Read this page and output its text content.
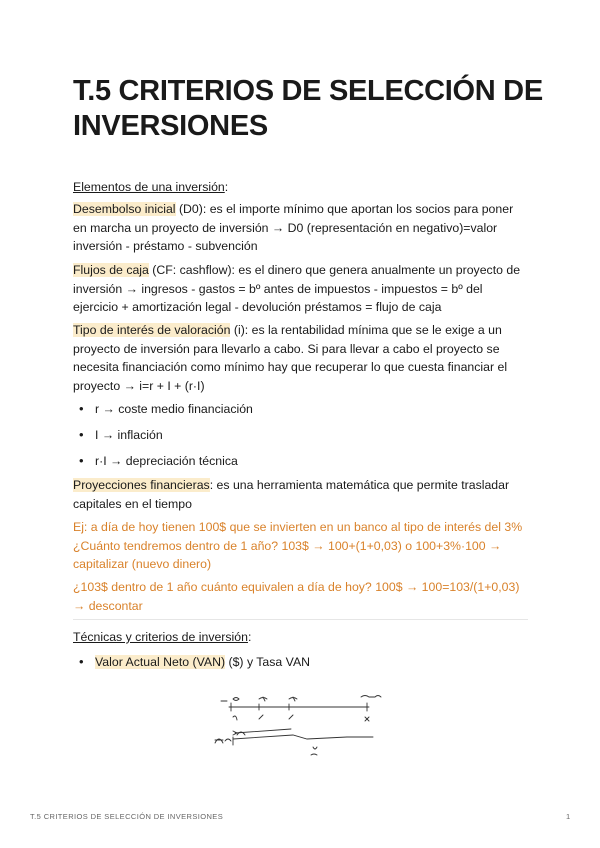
T.5 CRITERIOS DE SELECCIÓN DE INVERSIONES

Elementos de una inversión:

Desembolso inicial (D0): es el importe mínimo que aportan los socios para poner en marcha un proyecto de inversión → D0 (representación en negativo)=valor inversión - préstamo - subvención

Flujos de caja (CF: cashflow): es el dinero que genera anualmente un proyecto de inversión → ingresos - gastos = bº antes de impuestos - impuestos = bº del ejercicio + amortización legal - devolución préstamos = flujo de caja

Tipo de interés de valoración (i): es la rentabilidad mínima que se le exige a un proyecto de inversión para llevarlo a cabo. Si para llevar a cabo el proyecto se necesita financiación como mínimo hay que recuperar lo que cuesta financiar el proyecto → i=r + I + (r·I)

• r → coste medio financiación
• I → inflación
• r·I → depreciación técnica

Proyecciones financieras: es una herramienta matemática que permite trasladar capitales en el tiempo

Ej: a día de hoy tienen 100$ que se invierten en un banco al tipo de interés del 3% ¿Cuánto tendremos dentro de 1 año? 103$ → 100+(1+0,03) o 100+3%·100 → capitalizar (nuevo dinero)

¿103$ dentro de 1 año cuánto equivalen a día de hoy? 100$ → 100=103/(1+0,03) → descontar

Técnicas y criterios de inversión:

• Valor Actual Neto (VAN) ($) y Tasa VAN
T.5 CRITERIOS DE SELECCIÓN DE INVERSIONES	1
